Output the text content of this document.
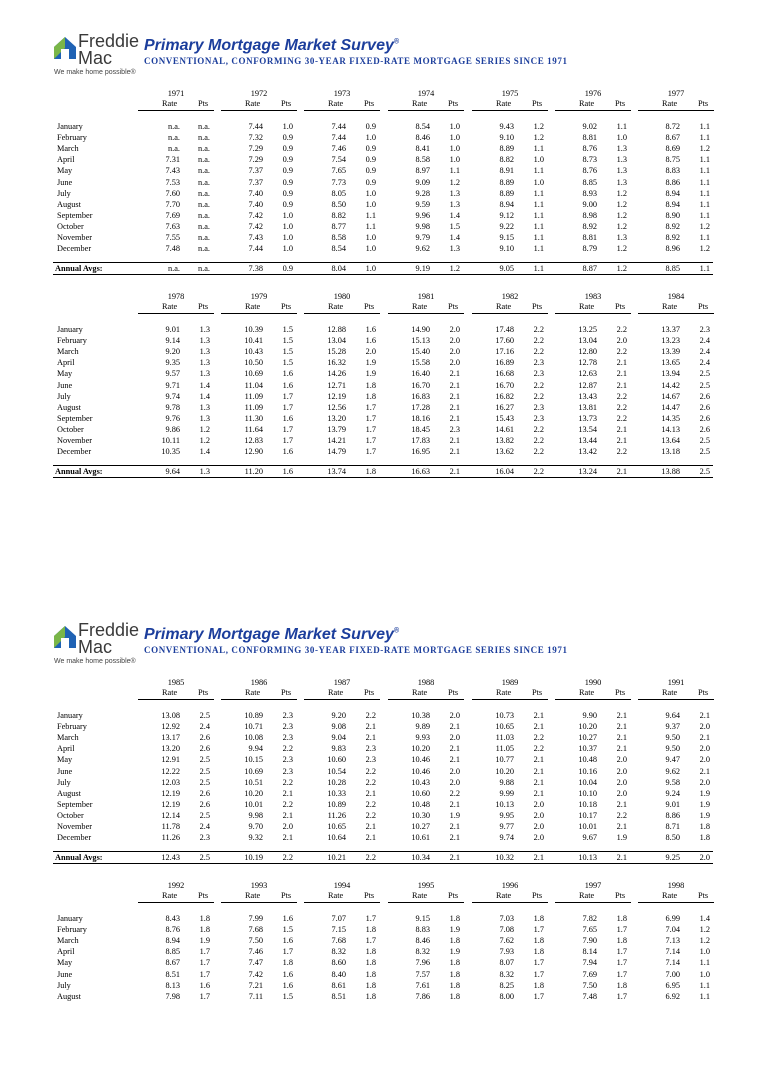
Freddie
Mac
Primary Mortgage Market Survey®
CONVENTIONAL, CONFORMING 30-YEAR FIXED-RATE MORTGAGE SERIES SINCE 1971
We make home possible®
1971
Rate	Pts
1972
Rate	Pts
1973
Rate	Pts
1974
Rate	Pts
1975
Rate	Pts
1976
Rate	Pts
1977
Rate	Pts
January	n.a.	n.a.	7.44	1.0	7.44	0.9	8.54	1.0	9.43	1.2	9.02	1.1	8.72	1.1
February	n.a.	n.a.	7.32	0.9	7.44	1.0	8.46	1.0	9.10	1.2	8.81	1.0	8.67	1.1
March	n.a.	n.a.	7.29	0.9	7.46	0.9	8.41	1.0	8.89	1.1	8.76	1.3	8.69	1.2
April	7.31	n.a.	7.29	0.9	7.54	0.9	8.58	1.0	8.82	1.0	8.73	1.3	8.75	1.1
May	7.43	n.a.	7.37	0.9	7.65	0.9	8.97	1.1	8.91	1.1	8.76	1.3	8.83	1.1
June	7.53	n.a.	7.37	0.9	7.73	0.9	9.09	1.2	8.89	1.0	8.85	1.3	8.86	1.1
July	7.60	n.a.	7.40	0.9	8.05	1.0	9.28	1.3	8.89	1.1	8.93	1.2	8.94	1.1
August	7.70	n.a.	7.40	0.9	8.50	1.0	9.59	1.3	8.94	1.1	9.00	1.2	8.94	1.1
September	7.69	n.a.	7.42	1.0	8.82	1.1	9.96	1.4	9.12	1.1	8.98	1.2	8.90	1.1
October	7.63	n.a.	7.42	1.0	8.77	1.1	9.98	1.5	9.22	1.1	8.92	1.2	8.92	1.2
November	7.55	n.a.	7.43	1.0	8.58	1.0	9.79	1.4	9.15	1.1	8.81	1.3	8.92	1.1
December	7.48	n.a.	7.44	1.0	8.54	1.0	9.62	1.3	9.10	1.1	8.79	1.2	8.96	1.2
Annual Avgs:	n.a.	n.a.	7.38	0.9	8.04	1.0	9.19	1.2	9.05	1.1	8.87	1.2	8.85	1.1
1978
Rate	Pts
1979
Rate	Pts
1980
Rate	Pts
1981
Rate	Pts
1982
Rate	Pts
1983
Rate	Pts
1984
Rate	Pts
January	9.01	1.3	10.39	1.5	12.88	1.6	14.90	2.0	17.48	2.2	13.25	2.2	13.37	2.3
February	9.14	1.3	10.41	1.5	13.04	1.6	15.13	2.0	17.60	2.2	13.04	2.0	13.23	2.4
March	9.20	1.3	10.43	1.5	15.28	2.0	15.40	2.0	17.16	2.2	12.80	2.2	13.39	2.4
April	9.35	1.3	10.50	1.5	16.32	1.9	15.58	2.0	16.89	2.3	12.78	2.1	13.65	2.4
May	9.57	1.3	10.69	1.6	14.26	1.9	16.40	2.1	16.68	2.3	12.63	2.1	13.94	2.5
June	9.71	1.4	11.04	1.6	12.71	1.8	16.70	2.1	16.70	2.2	12.87	2.1	14.42	2.5
July	9.74	1.4	11.09	1.7	12.19	1.8	16.83	2.1	16.82	2.2	13.43	2.2	14.67	2.6
August	9.78	1.3	11.09	1.7	12.56	1.7	17.28	2.1	16.27	2.3	13.81	2.2	14.47	2.6
September	9.76	1.3	11.30	1.6	13.20	1.7	18.16	2.1	15.43	2.3	13.73	2.2	14.35	2.6
October	9.86	1.2	11.64	1.7	13.79	1.7	18.45	2.3	14.61	2.2	13.54	2.1	14.13	2.6
November	10.11	1.2	12.83	1.7	14.21	1.7	17.83	2.1	13.82	2.2	13.44	2.1	13.64	2.5
December	10.35	1.4	12.90	1.6	14.79	1.7	16.95	2.1	13.62	2.2	13.42	2.2	13.18	2.5
Annual Avgs:	9.64	1.3	11.20	1.6	13.74	1.8	16.63	2.1	16.04	2.2	13.24	2.1	13.88	2.5
Freddie
Mac
Primary Mortgage Market Survey®
CONVENTIONAL, CONFORMING 30-YEAR FIXED-RATE MORTGAGE SERIES SINCE 1971
We make home possible®
1985
Rate	Pts
1986
Rate	Pts
1987
Rate	Pts
1988
Rate	Pts
1989
Rate	Pts
1990
Rate	Pts
1991
Rate	Pts
January	13.08	2.5	10.89	2.3	9.20	2.2	10.38	2.0	10.73	2.1	9.90	2.1	9.64	2.1
February	12.92	2.4	10.71	2.3	9.08	2.1	9.89	2.1	10.65	2.1	10.20	2.1	9.37	2.0
March	13.17	2.6	10.08	2.3	9.04	2.1	9.93	2.0	11.03	2.2	10.27	2.1	9.50	2.1
April	13.20	2.6	9.94	2.2	9.83	2.3	10.20	2.1	11.05	2.2	10.37	2.1	9.50	2.0
May	12.91	2.5	10.15	2.3	10.60	2.3	10.46	2.1	10.77	2.1	10.48	2.0	9.47	2.0
June	12.22	2.5	10.69	2.3	10.54	2.2	10.46	2.0	10.20	2.1	10.16	2.0	9.62	2.1
July	12.03	2.5	10.51	2.2	10.28	2.2	10.43	2.0	9.88	2.1	10.04	2.0	9.58	2.0
August	12.19	2.6	10.20	2.1	10.33	2.1	10.60	2.2	9.99	2.1	10.10	2.0	9.24	1.9
September	12.19	2.6	10.01	2.2	10.89	2.2	10.48	2.1	10.13	2.0	10.18	2.1	9.01	1.9
October	12.14	2.5	9.98	2.1	11.26	2.2	10.30	1.9	9.95	2.0	10.17	2.2	8.86	1.9
November	11.78	2.4	9.70	2.0	10.65	2.1	10.27	2.1	9.77	2.0	10.01	2.1	8.71	1.8
December	11.26	2.3	9.32	2.1	10.64	2.1	10.61	2.1	9.74	2.0	9.67	1.9	8.50	1.8
Annual Avgs:	12.43	2.5	10.19	2.2	10.21	2.2	10.34	2.1	10.32	2.1	10.13	2.1	9.25	2.0
1992
Rate	Pts
1993
Rate	Pts
1994
Rate	Pts
1995
Rate	Pts
1996
Rate	Pts
1997
Rate	Pts
1998
Rate	Pts
January	8.43	1.8	7.99	1.6	7.07	1.7	9.15	1.8	7.03	1.8	7.82	1.8	6.99	1.4
February	8.76	1.8	7.68	1.5	7.15	1.8	8.83	1.9	7.08	1.7	7.65	1.7	7.04	1.2
March	8.94	1.9	7.50	1.6	7.68	1.7	8.46	1.8	7.62	1.8	7.90	1.8	7.13	1.2
April	8.85	1.7	7.46	1.7	8.32	1.8	8.32	1.9	7.93	1.8	8.14	1.7	7.14	1.0
May	8.67	1.7	7.47	1.8	8.60	1.8	7.96	1.8	8.07	1.7	7.94	1.7	7.14	1.1
June	8.51	1.7	7.42	1.6	8.40	1.8	7.57	1.8	8.32	1.7	7.69	1.7	7.00	1.0
July	8.13	1.6	7.21	1.6	8.61	1.8	7.61	1.8	8.25	1.8	7.50	1.8	6.95	1.1
August	7.98	1.7	7.11	1.5	8.51	1.8	7.86	1.8	8.00	1.7	7.48	1.7	6.92	1.1
